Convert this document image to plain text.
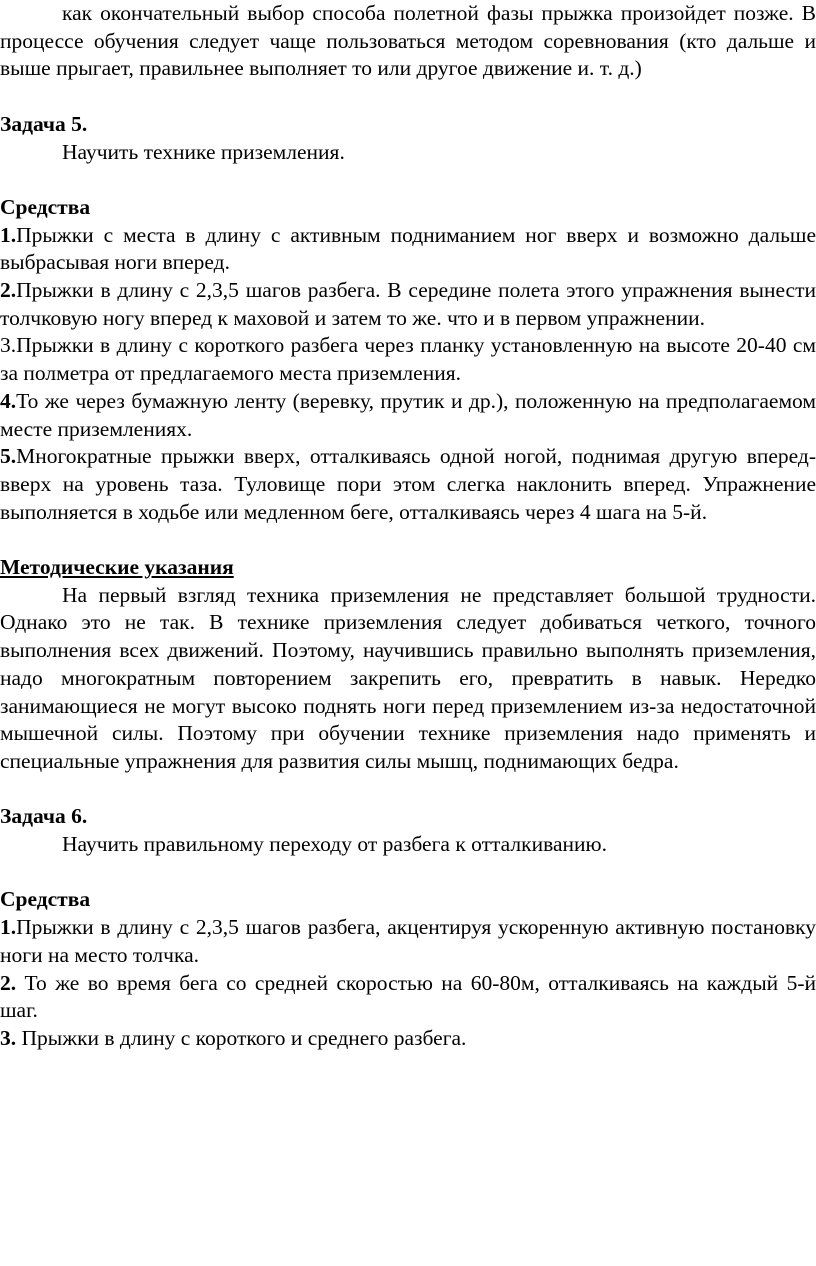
как окончательный выбор способа полетной фазы прыжка произойдет позже. В процессе обучения следует чаще пользоваться методом соревнования (кто дальше и выше прыгает, правильнее выполняет то или другое движение и. т. д.)

Задача 5.

Научить технике приземления.

Средства

1.Прыжки с места в длину с активным подниманием ног вверх и возможно дальше выбрасывая ноги вперед.

2.Прыжки в длину с 2,3,5 шагов разбега. В середине полета этого упражнения вынести толчковую ногу вперед к маховой и затем то же. что и в первом упражнении.

3.Прыжки в длину с короткого разбега через планку установленную на высоте 20-40 см за полметра от предлагаемого места приземления.

4.То же через бумажную ленту (веревку, прутик и др.), положенную на предполагаемом месте приземлениях.

5.Многократные прыжки вверх, отталкиваясь одной ногой, поднимая другую вперед-вверх на уровень таза. Туловище пори этом слегка наклонить вперед. Упражнение выполняется в ходьбе или медленном беге, отталкиваясь через 4 шага на 5-й.

Методические указания

На первый взгляд техника приземления не представляет большой трудности. Однако это не так. В технике приземления следует добиваться четкого, точного выполнения всех движений. Поэтому, научившись правильно выполнять приземления, надо многократным повторением закрепить его, превратить в навык. Нередко занимающиеся не могут высоко поднять ноги перед приземлением из-за недостаточной мышечной силы. Поэтому при обучении технике приземления надо применять и специальные упражнения для развития силы мышц, поднимающих бедра.

Задача 6.

Научить правильному переходу от разбега к отталкиванию.

Средства

1.Прыжки в длину с 2,3,5 шагов разбега, акцентируя ускоренную активную постановку ноги на место толчка.

2. То же во время бега со средней скоростью на 60-80м, отталкиваясь на каждый 5-й шаг.

3. Прыжки в длину с короткого и среднего разбега.
